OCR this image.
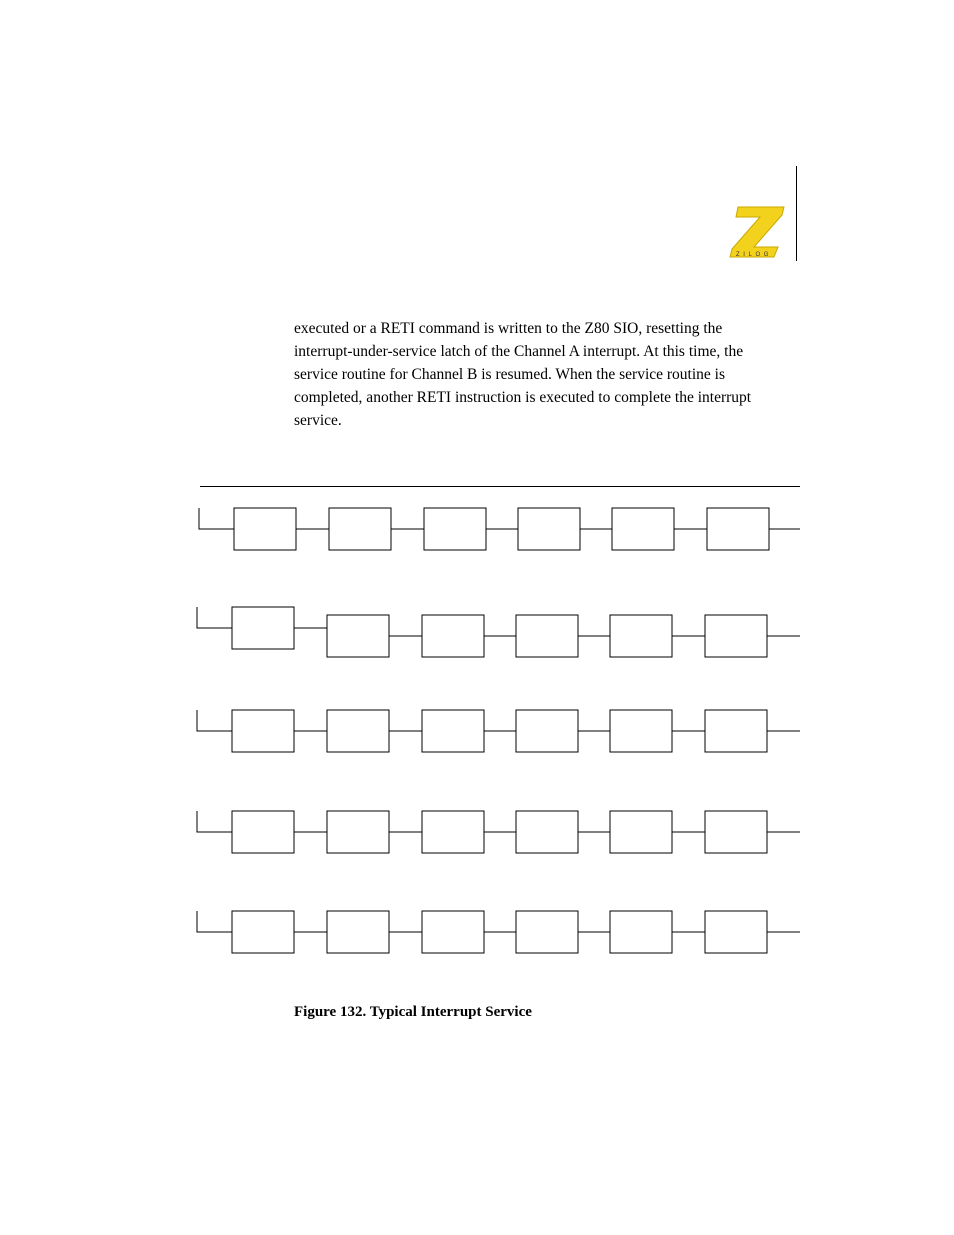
ZILOG
executed or a RETI command is written to the Z80 SIO, resetting the
interrupt-under-service latch of the Channel A interrupt. At this time, the
service routine for Channel B is resumed. When the service routine is
completed, another RETI instruction is executed to complete the interrupt
service.
Figure 132. Typical Interrupt Service
